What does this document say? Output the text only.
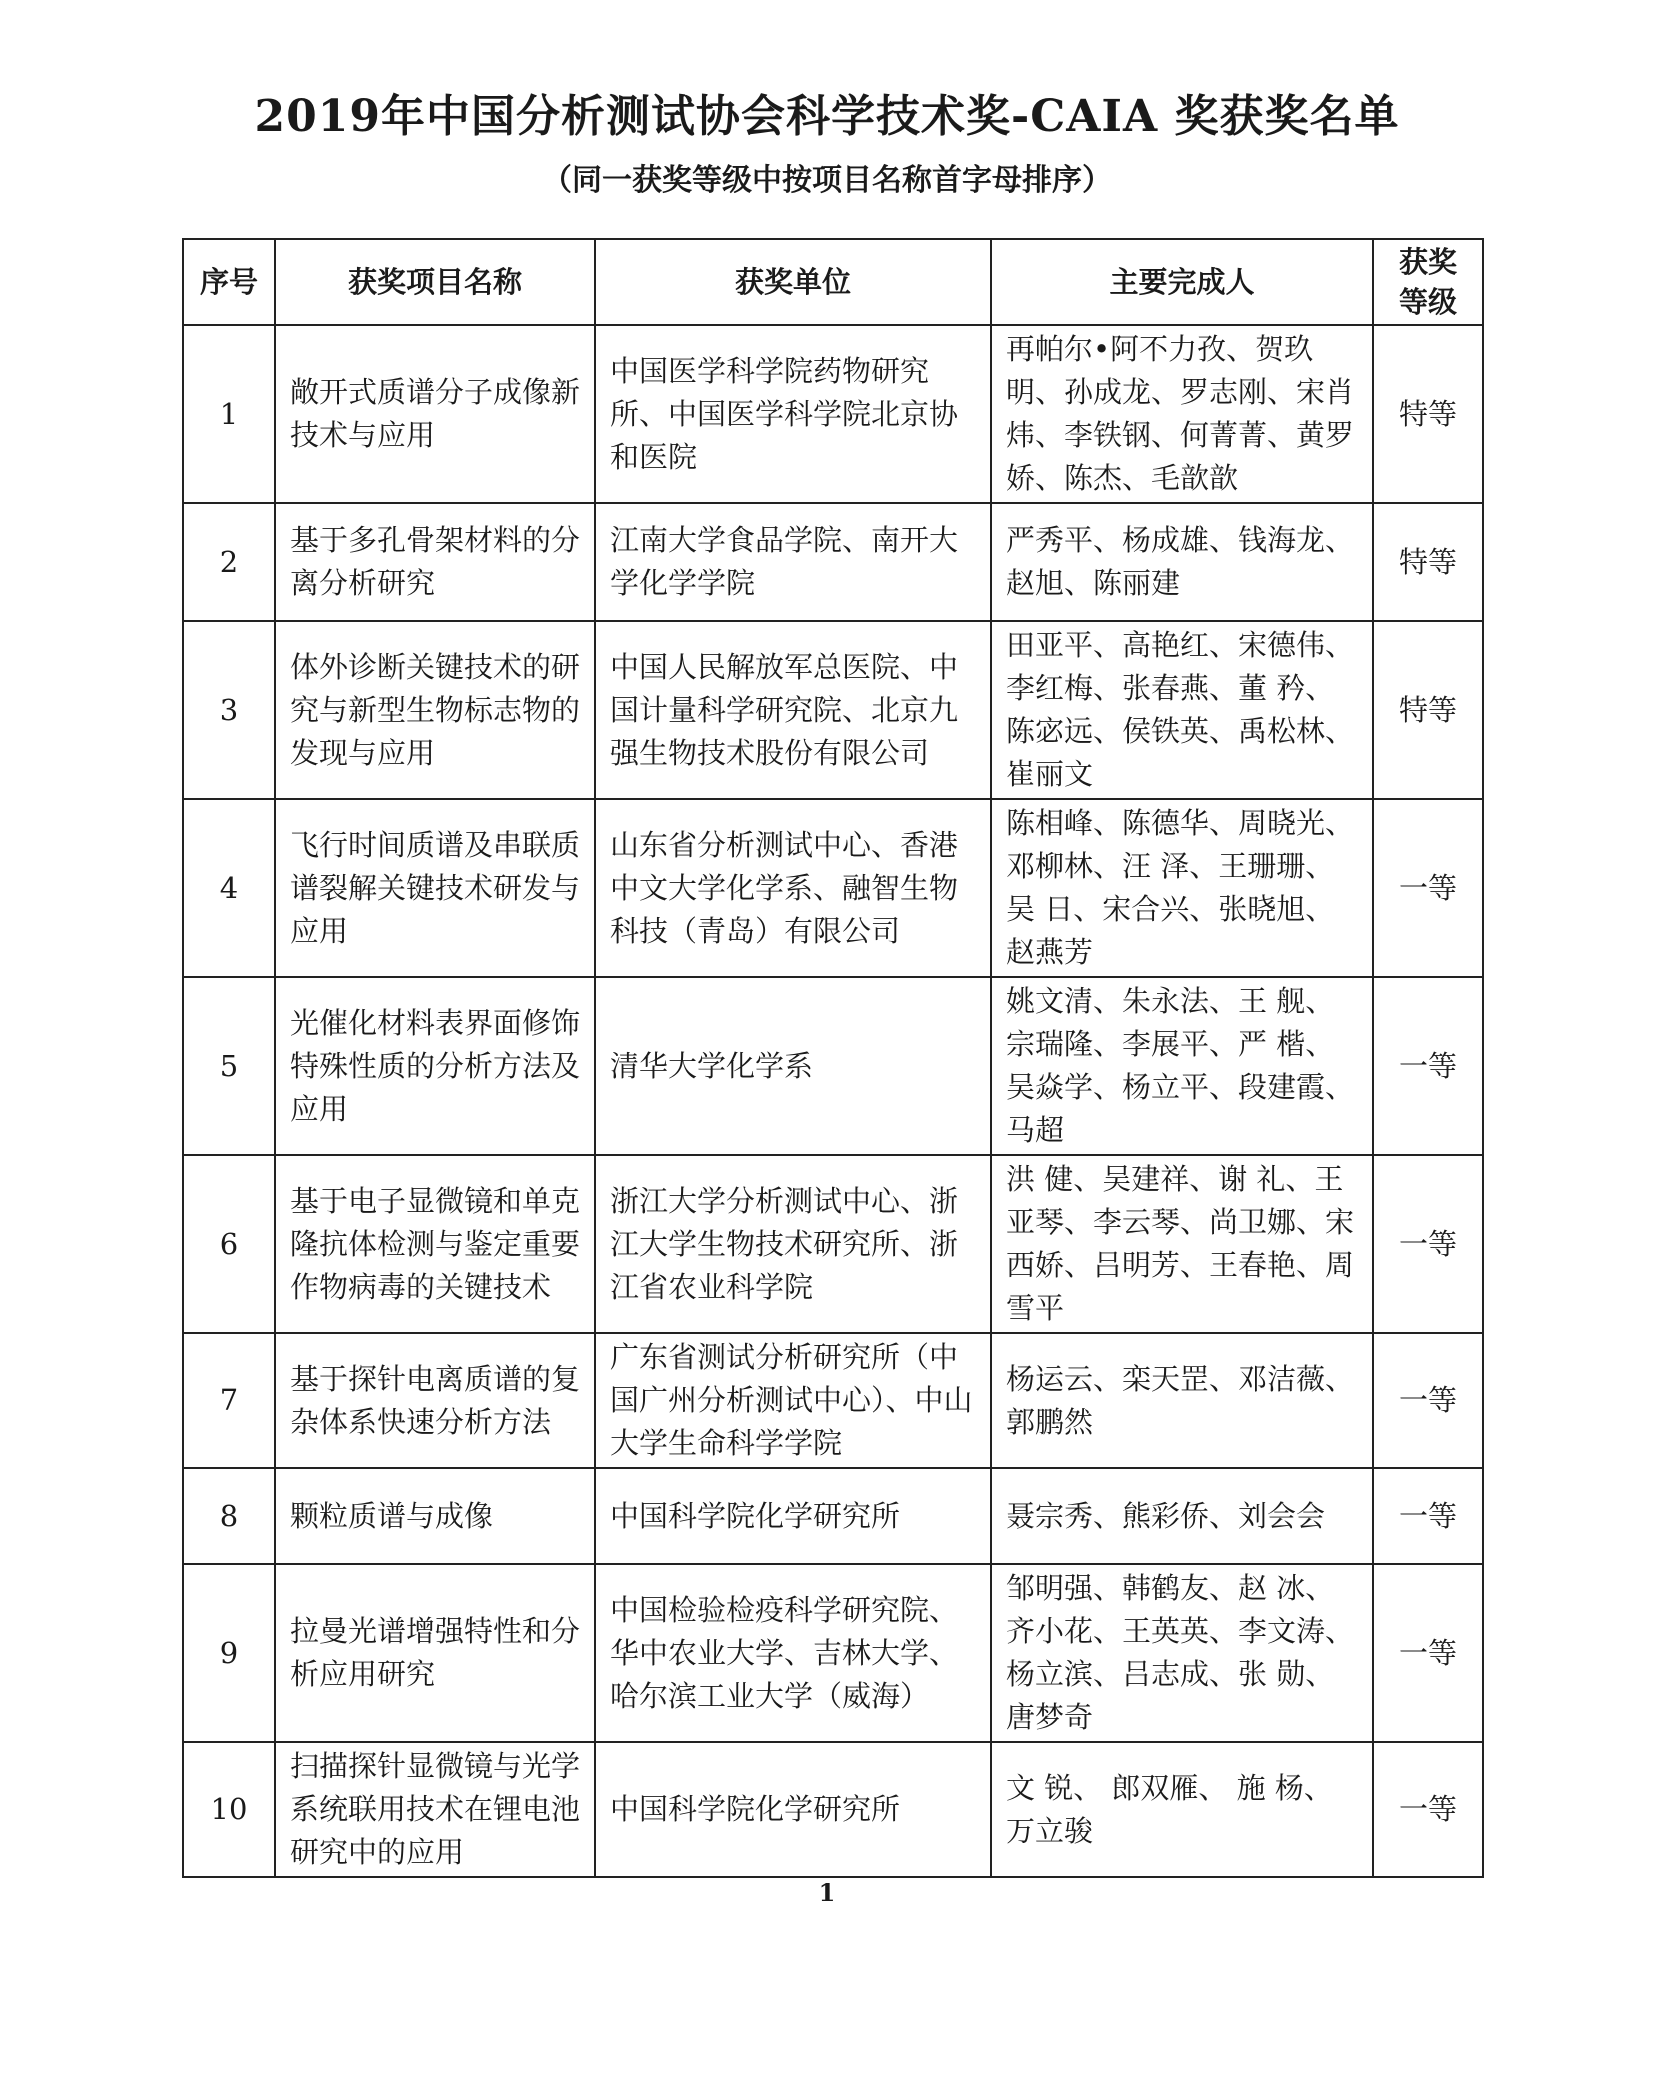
2019年中国分析测试协会科学技术奖-CAIA 奖获奖名单
（同一获奖等级中按项目名称首字母排序）
序号	获奖项目名称	获奖单位	主要完成人	获奖等级
1	敞开式质谱分子成像新技术与应用	中国医学科学院药物研究所、中国医学科学院北京协和医院	再帕尔•阿不力孜、贺玖明、孙成龙、罗志刚、宋肖炜、李铁钢、何菁菁、黄罗娇、陈杰、毛歆歆	特等
2	基于多孔骨架材料的分离分析研究	江南大学食品学院、南开大学化学学院	严秀平、杨成雄、钱海龙、赵旭、陈丽建	特等
3	体外诊断关键技术的研究与新型生物标志物的发现与应用	中国人民解放军总医院、中国计量科学研究院、北京九强生物技术股份有限公司	田亚平、高艳红、宋德伟、李红梅、张春燕、董 矜、陈宓远、侯铁英、禹松林、崔丽文	特等
4	飞行时间质谱及串联质谱裂解关键技术研发与应用	山东省分析测试中心、香港中文大学化学系、融智生物科技（青岛）有限公司	陈相峰、陈德华、周晓光、邓柳林、汪 泽、王珊珊、吴 日、宋合兴、张晓旭、赵燕芳	一等
5	光催化材料表界面修饰特殊性质的分析方法及应用	清华大学化学系	姚文清、朱永法、王 舰、宗瑞隆、李展平、严 楷、吴焱学、杨立平、段建霞、马超	一等
6	基于电子显微镜和单克隆抗体检测与鉴定重要作物病毒的关键技术	浙江大学分析测试中心、浙江大学生物技术研究所、浙江省农业科学院	洪 健、吴建祥、谢 礼、王亚琴、李云琴、尚卫娜、宋西娇、吕明芳、王春艳、周雪平	一等
7	基于探针电离质谱的复杂体系快速分析方法	广东省测试分析研究所（中国广州分析测试中心）、中山大学生命科学学院	杨运云、栾天罡、邓洁薇、郭鹏然	一等
8	颗粒质谱与成像	中国科学院化学研究所	聂宗秀、熊彩侨、刘会会	一等
9	拉曼光谱增强特性和分析应用研究	中国检验检疫科学研究院、华中农业大学、吉林大学、哈尔滨工业大学（威海）	邹明强、韩鹤友、赵 冰、齐小花、王英英、李文涛、杨立滨、吕志成、张 勋、唐梦奇	一等
10	扫描探针显微镜与光学系统联用技术在锂电池研究中的应用	中国科学院化学研究所	文 锐、 郎双雁、 施 杨、万立骏	一等
1
